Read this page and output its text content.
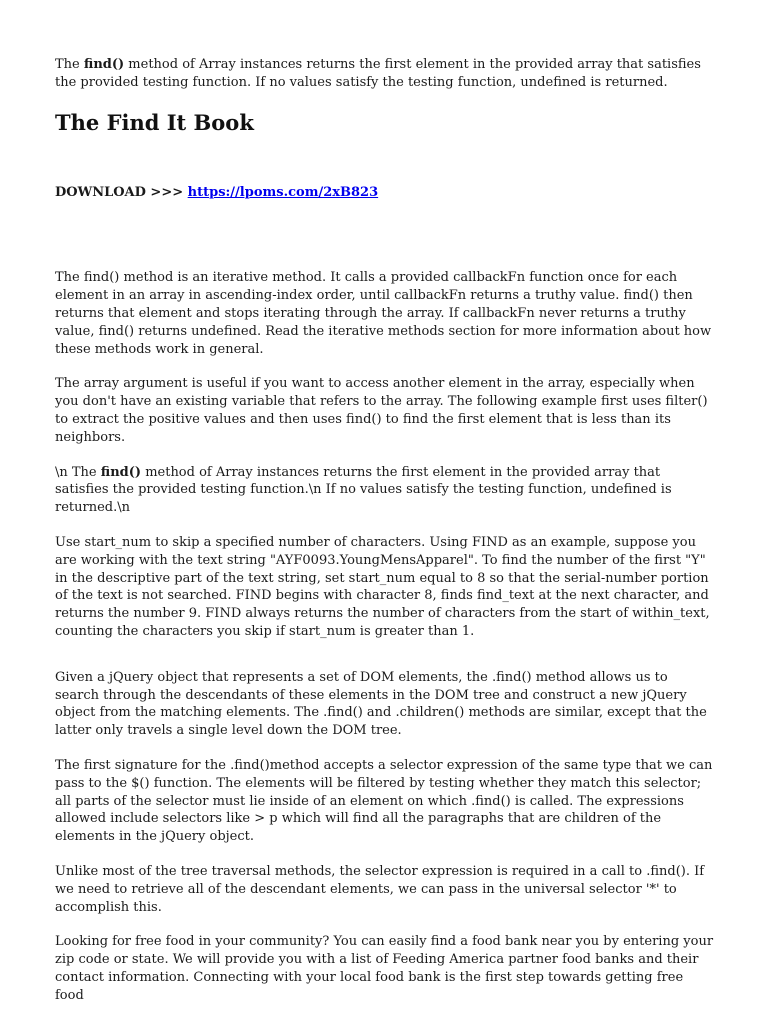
The find() method of Array instances returns the first element in the provided array that satisfies the provided testing function. If no values satisfy the testing function, undefined is returned.

The Find It Book

DOWNLOAD >>> https://lpoms.com/2xB823

The find() method is an iterative method. It calls a provided callbackFn function once for each element in an array in ascending-index order, until callbackFn returns a truthy value. find() then returns that element and stops iterating through the array. If callbackFn never returns a truthy value, find() returns undefined. Read the iterative methods section for more information about how these methods work in general.

The array argument is useful if you want to access another element in the array, especially when you don't have an existing variable that refers to the array. The following example first uses filter() to extract the positive values and then uses find() to find the first element that is less than its neighbors.

\n The find() method of Array instances returns the first element in the provided array that satisfies the provided testing function.\n If no values satisfy the testing function, undefined is returned.\n

Use start_num to skip a specified number of characters. Using FIND as an example, suppose you are working with the text string "AYF0093.YoungMensApparel". To find the number of the first "Y" in the descriptive part of the text string, set start_num equal to 8 so that the serial-number portion of the text is not searched. FIND begins with character 8, finds find_text at the next character, and returns the number 9. FIND always returns the number of characters from the start of within_text, counting the characters you skip if start_num is greater than 1.

Given a jQuery object that represents a set of DOM elements, the .find() method allows us to search through the descendants of these elements in the DOM tree and construct a new jQuery object from the matching elements. The .find() and .children() methods are similar, except that the latter only travels a single level down the DOM tree.

The first signature for the .find()method accepts a selector expression of the same type that we can pass to the $() function. The elements will be filtered by testing whether they match this selector; all parts of the selector must lie inside of an element on which .find() is called. The expressions allowed include selectors like > p which will find all the paragraphs that are children of the elements in the jQuery object.

Unlike most of the tree traversal methods, the selector expression is required in a call to .find(). If we need to retrieve all of the descendant elements, we can pass in the universal selector '*' to accomplish this.

Looking for free food in your community? You can easily find a food bank near you by entering your zip code or state. We will provide you with a list of Feeding America partner food banks and their contact information. Connecting with your local food bank is the first step towards getting free food
